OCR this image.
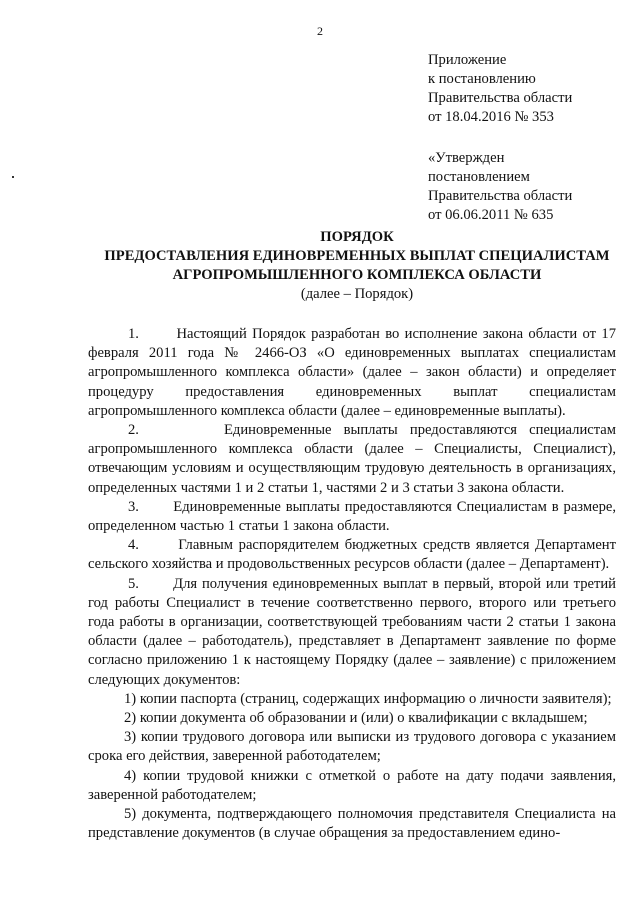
2
Приложение
к постановлению
Правительства области
от 18.04.2016 № 353
«Утвержден
постановлением
Правительства области
от 06.06.2011 № 635
ПОРЯДОК
ПРЕДОСТАВЛЕНИЯ ЕДИНОВРЕМЕННЫХ ВЫПЛАТ СПЕЦИАЛИСТАМ
АГРОПРОМЫШЛЕННОГО КОМПЛЕКСА ОБЛАСТИ
(далее – Порядок)

1.	Настоящий Порядок разработан во исполнение закона области от 17 февраля 2011 года № 2466-ОЗ «О единовременных выплатах специалистам агропромышленного комплекса области» (далее – закон области) и определяет процедуру предоставления единовременных выплат специалистам агропромышленного комплекса области (далее – единовременные выплаты).

2.	Единовременные выплаты предоставляются специалистам агропромышленного комплекса области (далее – Специалисты, Специалист), отвечающим условиям и осуществляющим трудовую деятельность в организациях, определенных частями 1 и 2 статьи 1, частями 2 и 3 статьи 3 закона области.

3. Единовременные выплаты предоставляются Специалистам в размере, определенном частью 1 статьи 1 закона области.

4.	Главным распорядителем бюджетных средств является Департамент сельского хозяйства и продовольственных ресурсов области (далее – Департамент).

5. Для получения единовременных выплат в первый, второй или третий год работы Специалист в течение соответственно первого, второго или третьего года работы в организации, соответствующей требованиям части 2 статьи 1 закона области (далее – работодатель), представляет в Департамент заявление по форме согласно приложению 1 к настоящему Порядку (далее – заявление) с приложением следующих документов:

1) копии паспорта (страниц, содержащих информацию о личности заявителя);

2) копии документа об образовании и (или) о квалификации с вкладышем;

3) копии трудового договора или выписки из трудового договора с указанием срока его действия, заверенной работодателем;

4) копии трудовой книжки с отметкой о работе на дату подачи заявления, заверенной работодателем;

5) документа, подтверждающего полномочия представителя Специалиста на представление документов (в случае обращения за предоставлением едино-
